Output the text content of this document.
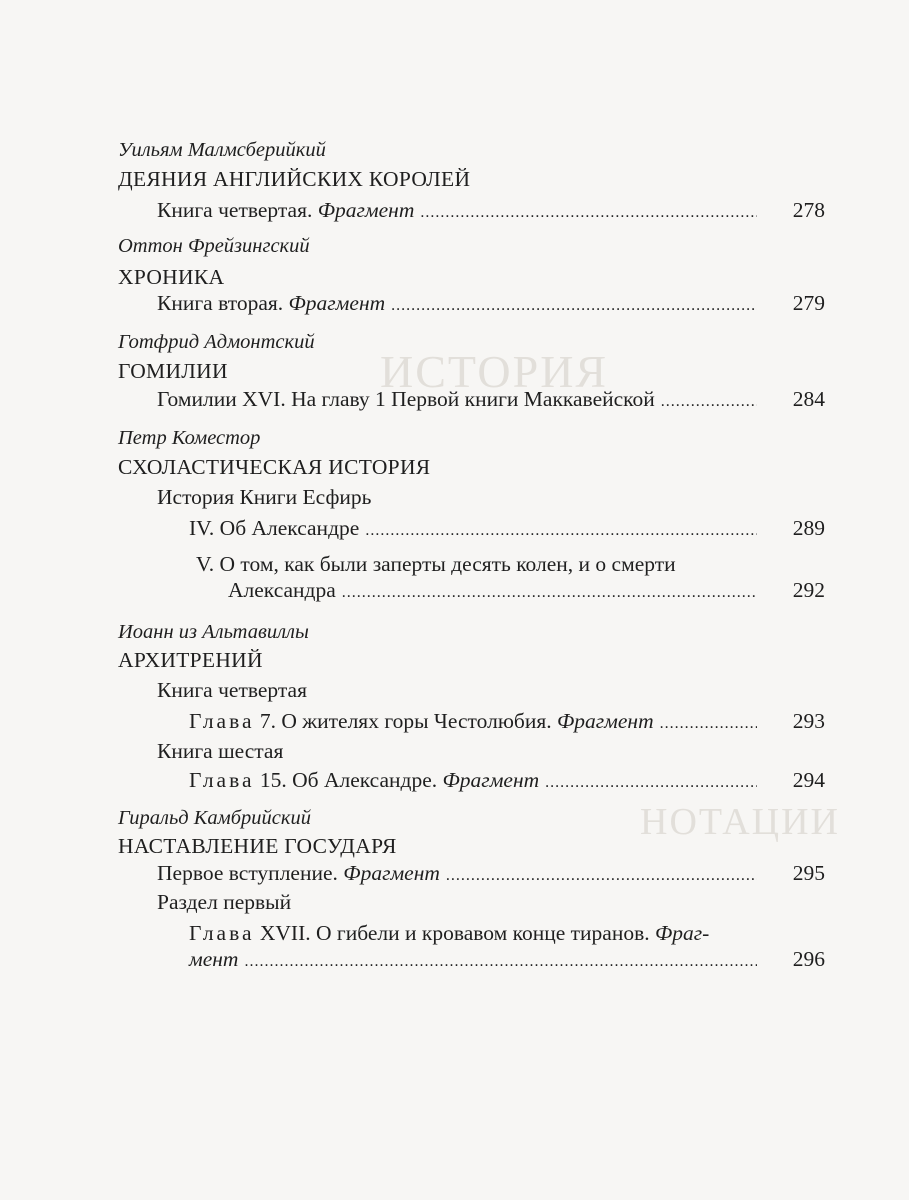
ИСТОРИЯ
НОТАЦИИ
Уильям Малмсберийкий
ДЕЯНИЯ АНГЛИЙСКИХ КОРОЛЕЙ
Книга четвертая. Фрагмент .....	278
Оттон Фрейзингский
ХРОНИКА
Книга вторая. Фрагмент .....	279
Готфрид Адмонтский
ГОМИЛИИ
Гомилии XVI. На главу 1 Первой книги Маккавейской .....	284
Петр Коместор
СХОЛАСТИЧЕСКАЯ ИСТОРИЯ
История Книги Есфирь
IV. Об Александре .....	289
V. О том, как были заперты десять колен, и о смерти
Александра .....	292
Иоанн из Альтавиллы
АРХИТРЕНИЙ
Книга четвертая
Глава 7. О жителях горы Честолюбия. Фрагмент .....	293
Книга шестая
Глава 15. Об Александре. Фрагмент .....	294
Гиральд Камбрийский
НАСТАВЛЕНИЕ ГОСУДАРЯ
Первое вступление. Фрагмент .....	295
Раздел первый
Глава XVII. О гибели и кровавом конце тиранов. Фраг-
мент .....	296
